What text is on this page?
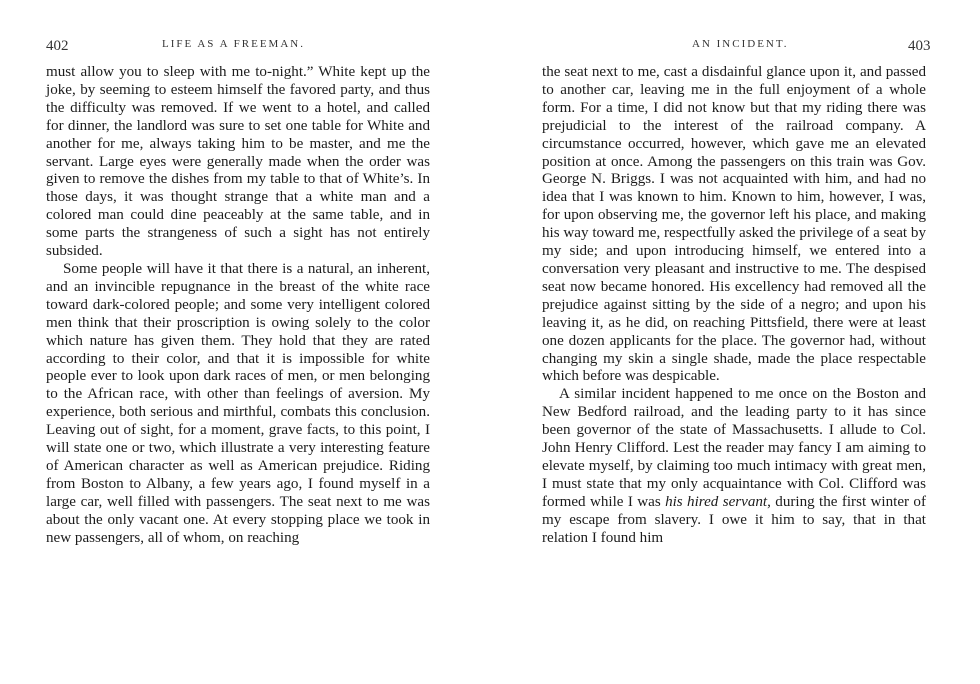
402	LIFE AS A FREEMAN.

must allow you to sleep with me to-night.” White kept up the joke, by seeming to esteem himself the favored party, and thus the difficulty was removed. If we went to a hotel, and called for dinner, the landlord was sure to set one table for White and another for me, always taking him to be master, and me the servant. Large eyes were generally made when the order was given to remove the dishes from my table to that of White’s. In those days, it was thought strange that a white man and a colored man could dine peaceably at the same table, and in some parts the strangeness of such a sight has not entirely subsided.

Some people will have it that there is a natural, an inherent, and an invincible repugnance in the breast of the white race toward dark-colored people; and some very intelligent colored men think that their proscription is owing solely to the color which nature has given them. They hold that they are rated according to their color, and that it is impossible for white people ever to look upon dark races of men, or men belonging to the African race, with other than feelings of aversion. My experience, both serious and mirthful, combats this conclusion. Leaving out of sight, for a moment, grave facts, to this point, I will state one or two, which illustrate a very interesting feature of American character as well as American prejudice. Riding from Boston to Albany, a few years ago, I found myself in a large car, well filled with passengers. The seat next to me was about the only vacant one. At every stopping place we took in new passengers, all of whom, on reaching

AN INCIDENT.	403

the seat next to me, cast a disdainful glance upon it, and passed to another car, leaving me in the full enjoyment of a whole form. For a time, I did not know but that my riding there was prejudicial to the interest of the railroad company. A circumstance occurred, however, which gave me an elevated position at once. Among the passengers on this train was Gov. George N. Briggs. I was not acquainted with him, and had no idea that I was known to him. Known to him, however, I was, for upon observing me, the governor left his place, and making his way toward me, respectfully asked the privilege of a seat by my side; and upon introducing himself, we entered into a conversation very pleasant and instructive to me. The despised seat now became honored. His excellency had removed all the prejudice against sitting by the side of a negro; and upon his leaving it, as he did, on reaching Pittsfield, there were at least one dozen applicants for the place. The governor had, without changing my skin a single shade, made the place respectable which before was despicable.

A similar incident happened to me once on the Boston and New Bedford railroad, and the leading party to it has since been governor of the state of Massachusetts. I allude to Col. John Henry Clifford. Lest the reader may fancy I am aiming to elevate myself, by claiming too much intimacy with great men, I must state that my only acquaintance with Col. Clifford was formed while I was his hired servant, during the first winter of my escape from slavery. I owe it him to say, that in that relation I found him
